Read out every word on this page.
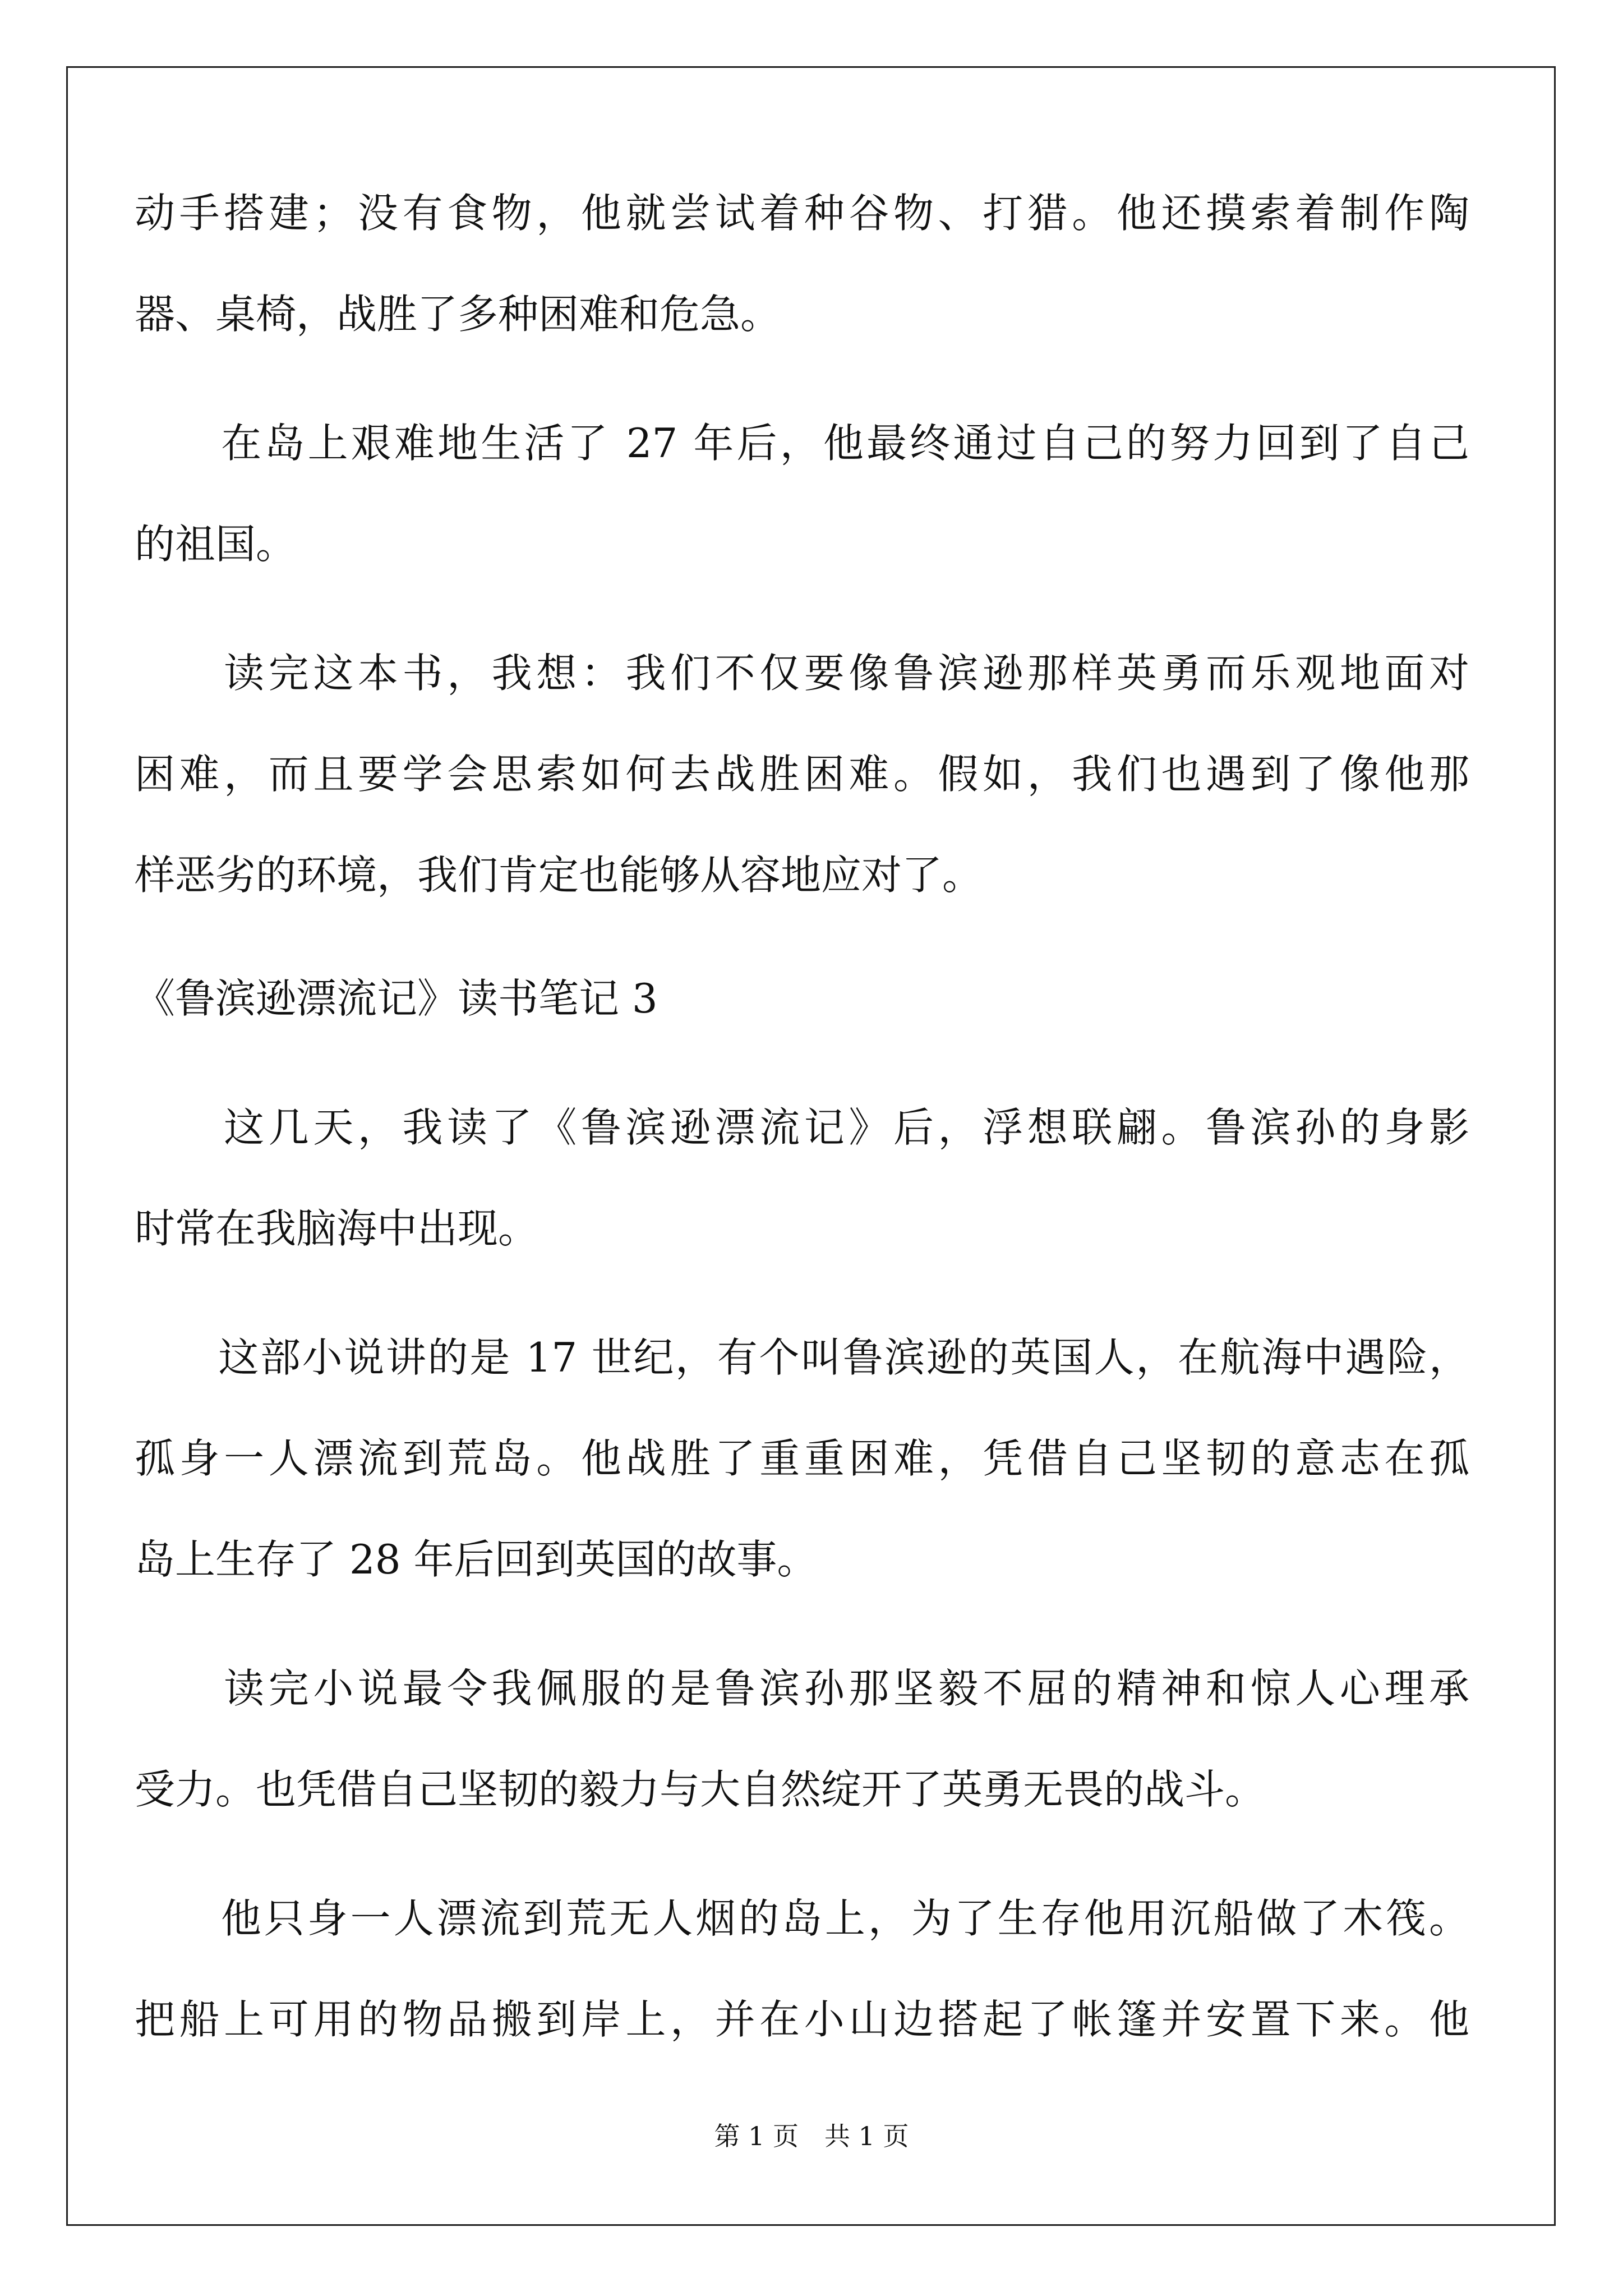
动手搭建；没有食物，他就尝试着种谷物、打猎。他还摸索着制作陶
器、桌椅，战胜了多种困难和危急。
　　在岛上艰难地生活了 27 年后，他最终通过自己的努力回到了自己
的祖国。
　　读完这本书，我想：我们不仅要像鲁滨逊那样英勇而乐观地面对
困难，而且要学会思索如何去战胜困难。假如，我们也遇到了像他那
样恶劣的环境，我们肯定也能够从容地应对了。
《鲁滨逊漂流记》读书笔记 3
　　这几天，我读了《鲁滨逊漂流记》后，浮想联翩。鲁滨孙的身影
时常在我脑海中出现。
　　这部小说讲的是 17 世纪，有个叫鲁滨逊的英国人，在航海中遇险，
孤身一人漂流到荒岛。他战胜了重重困难，凭借自己坚韧的意志在孤
岛上生存了 28 年后回到英国的故事。
　　读完小说最令我佩服的是鲁滨孙那坚毅不屈的精神和惊人心理承
受力。也凭借自己坚韧的毅力与大自然绽开了英勇无畏的战斗。
　　他只身一人漂流到荒无人烟的岛上，为了生存他用沉船做了木筏。
把船上可用的物品搬到岸上，并在小山边搭起了帐篷并安置下来。他
第 1 页　共 1 页
